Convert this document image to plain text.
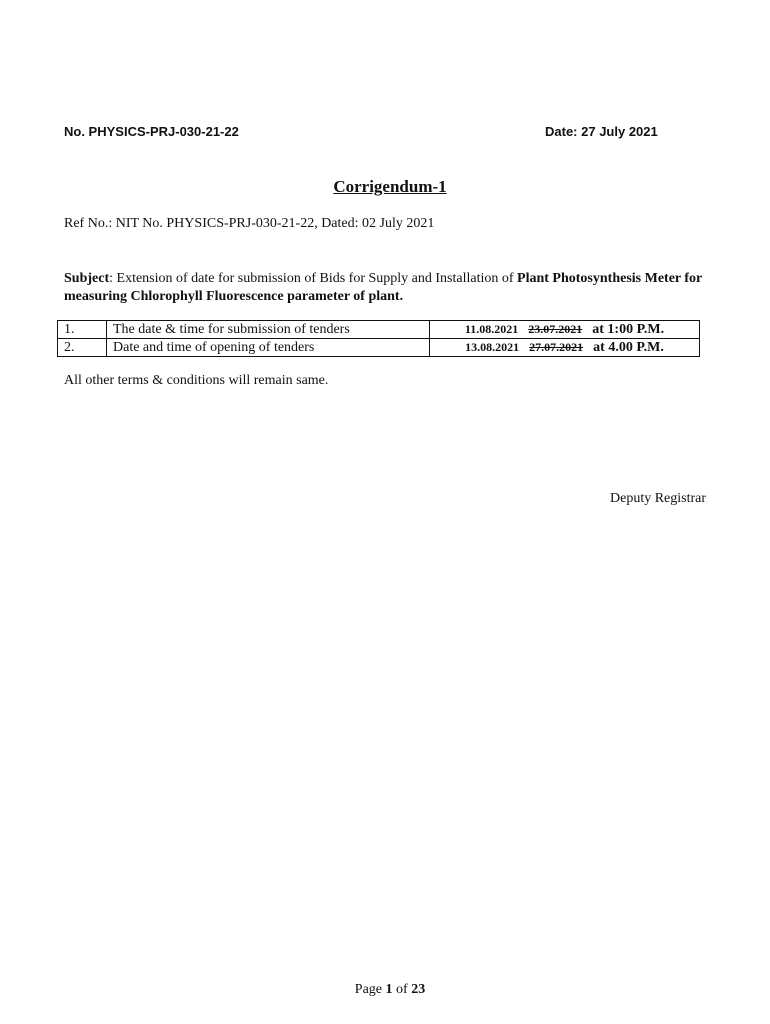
No. PHYSICS-PRJ-030-21-22	Date: 27 July 2021
Corrigendum-1
Ref No.: NIT No. PHYSICS-PRJ-030-21-22, Dated: 02 July 2021
Subject: Extension of date for submission of Bids for Supply and Installation of Plant Photosynthesis Meter for measuring Chlorophyll Fluorescence parameter of plant.
1.	The date & time for submission of tenders	11.08.2021 23.07.2021 at 1:00 P.M.
2.	Date and time of opening of tenders	13.08.2021 27.07.2021 at 4.00 P.M.
All other terms & conditions will remain same.
Deputy Registrar
Page 1 of 23
